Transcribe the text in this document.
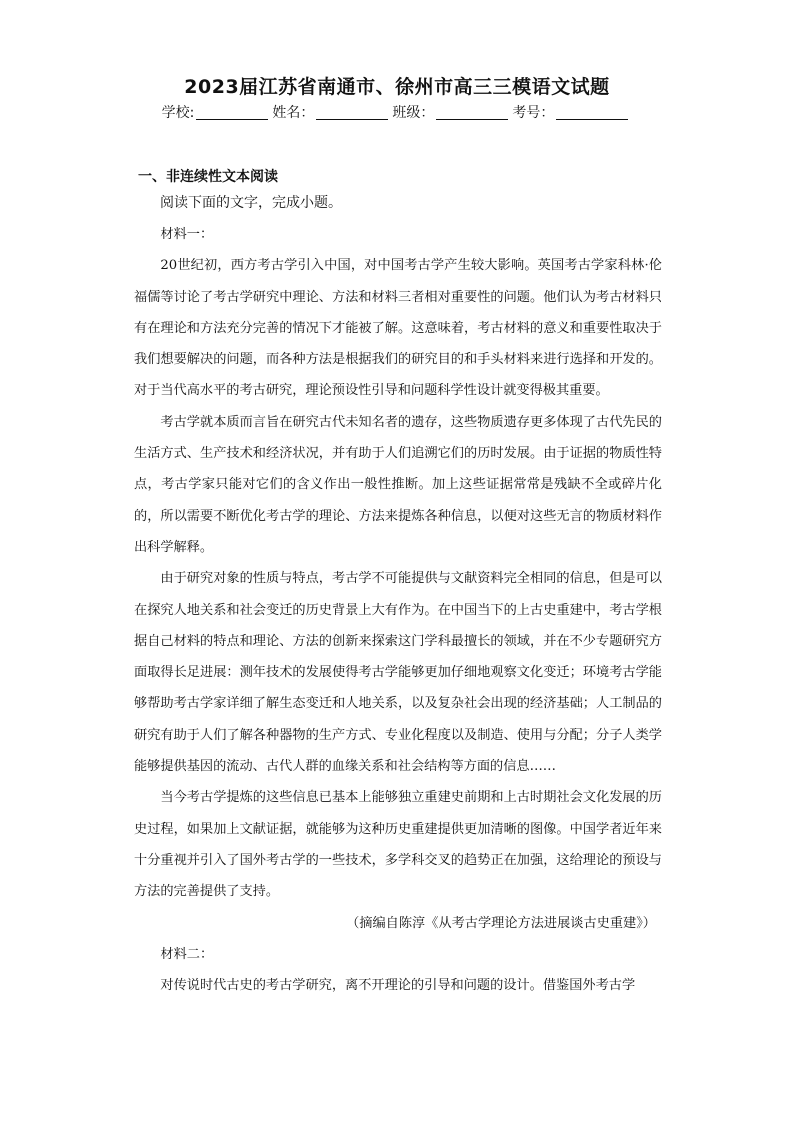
2023届江苏省南通市、徐州市高三三模语文试题
学校:	姓名：	班级：	考号：
一、非连续性文本阅读
阅读下面的文字，完成小题。

材料一：

20世纪初，西方考古学引入中国，对中国考古学产生较大影响。英国考古学家科林·伦福儒等讨论了考古学研究中理论、方法和材料三者相对重要性的问题。他们认为考古材料只有在理论和方法充分完善的情况下才能被了解。这意味着，考古材料的意义和重要性取决于我们想要解决的问题，而各种方法是根据我们的研究目的和手头材料来进行选择和开发的。对于当代高水平的考古研究，理论预设性引导和问题科学性设计就变得极其重要。

考古学就本质而言旨在研究古代未知名者的遗存，这些物质遗存更多体现了古代先民的生活方式、生产技术和经济状况，并有助于人们追溯它们的历时发展。由于证据的物质性特点，考古学家只能对它们的含义作出一般性推断。加上这些证据常常是残缺不全或碎片化的，所以需要不断优化考古学的理论、方法来提炼各种信息，以便对这些无言的物质材料作出科学解释。

由于研究对象的性质与特点，考古学不可能提供与文献资料完全相同的信息，但是可以在探究人地关系和社会变迁的历史背景上大有作为。在中国当下的上古史重建中，考古学根据自己材料的特点和理论、方法的创新来探索这门学科最擅长的领域，并在不少专题研究方面取得长足进展：测年技术的发展使得考古学能够更加仔细地观察文化变迁；环境考古学能够帮助考古学家详细了解生态变迁和人地关系，以及复杂社会出现的经济基础；人工制品的研究有助于人们了解各种器物的生产方式、专业化程度以及制造、使用与分配；分子人类学能够提供基因的流动、古代人群的血缘关系和社会结构等方面的信息……

当今考古学提炼的这些信息已基本上能够独立重建史前期和上古时期社会文化发展的历史过程，如果加上文献证据，就能够为这种历史重建提供更加清晰的图像。中国学者近年来十分重视并引入了国外考古学的一些技术，多学科交叉的趋势正在加强，这给理论的预设与方法的完善提供了支持。

（摘编自陈淳《从考古学理论方法进展谈古史重建》）

材料二：

对传说时代古史的考古学研究，离不开理论的引导和问题的设计。借鉴国外考古学
